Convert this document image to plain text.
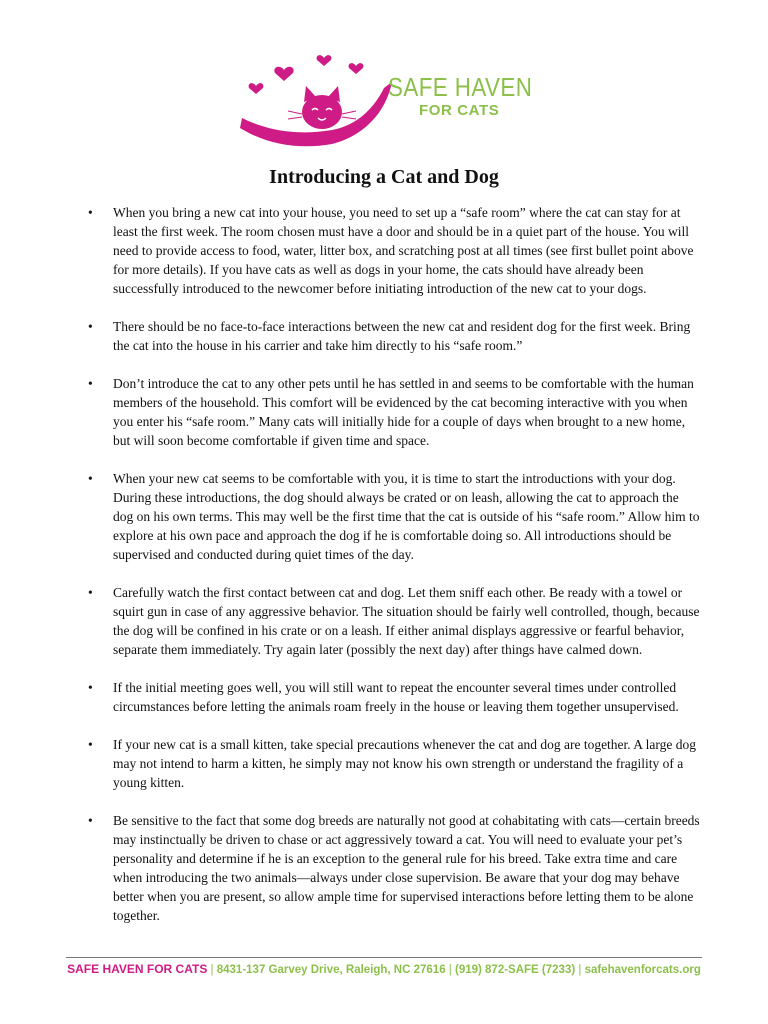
SAFE HAVEN
FOR CATS
Introducing a Cat and Dog
• When you bring a new cat into your house, you need to set up a “safe room” where the cat can stay for at least the first week. The room chosen must have a door and should be in a quiet part of the house. You will need to provide access to food, water, litter box, and scratching post at all times (see first bullet point above for more details). If you have cats as well as dogs in your home, the cats should have already been successfully introduced to the newcomer before initiating introduction of the new cat to your dogs.
• There should be no face-to-face interactions between the new cat and resident dog for the first week. Bring the cat into the house in his carrier and take him directly to his “safe room.”
• Don’t introduce the cat to any other pets until he has settled in and seems to be comfortable with the human members of the household. This comfort will be evidenced by the cat becoming interactive with you when you enter his “safe room.” Many cats will initially hide for a couple of days when brought to a new home, but will soon become comfortable if given time and space.
• When your new cat seems to be comfortable with you, it is time to start the introductions with your dog. During these introductions, the dog should always be crated or on leash, allowing the cat to approach the dog on his own terms. This may well be the first time that the cat is outside of his “safe room.” Allow him to explore at his own pace and approach the dog if he is comfortable doing so. All introductions should be supervised and conducted during quiet times of the day.
• Carefully watch the first contact between cat and dog. Let them sniff each other. Be ready with a towel or squirt gun in case of any aggressive behavior. The situation should be fairly well controlled, though, because the dog will be confined in his crate or on a leash. If either animal displays aggressive or fearful behavior, separate them immediately. Try again later (possibly the next day) after things have calmed down.
• If the initial meeting goes well, you will still want to repeat the encounter several times under controlled circumstances before letting the animals roam freely in the house or leaving them together unsupervised.
• If your new cat is a small kitten, take special precautions whenever the cat and dog are together. A large dog may not intend to harm a kitten, he simply may not know his own strength or understand the fragility of a young kitten.
• Be sensitive to the fact that some dog breeds are naturally not good at cohabitating with cats—certain breeds may instinctually be driven to chase or act aggressively toward a cat. You will need to evaluate your pet’s personality and determine if he is an exception to the general rule for his breed. Take extra time and care when introducing the two animals—always under close supervision. Be aware that your dog may behave better when you are present, so allow ample time for supervised interactions before letting them to be alone together.
SAFE HAVEN FOR CATS | 8431-137 Garvey Drive, Raleigh, NC 27616 | (919) 872-SAFE (7233) | safehavenforcats.org
